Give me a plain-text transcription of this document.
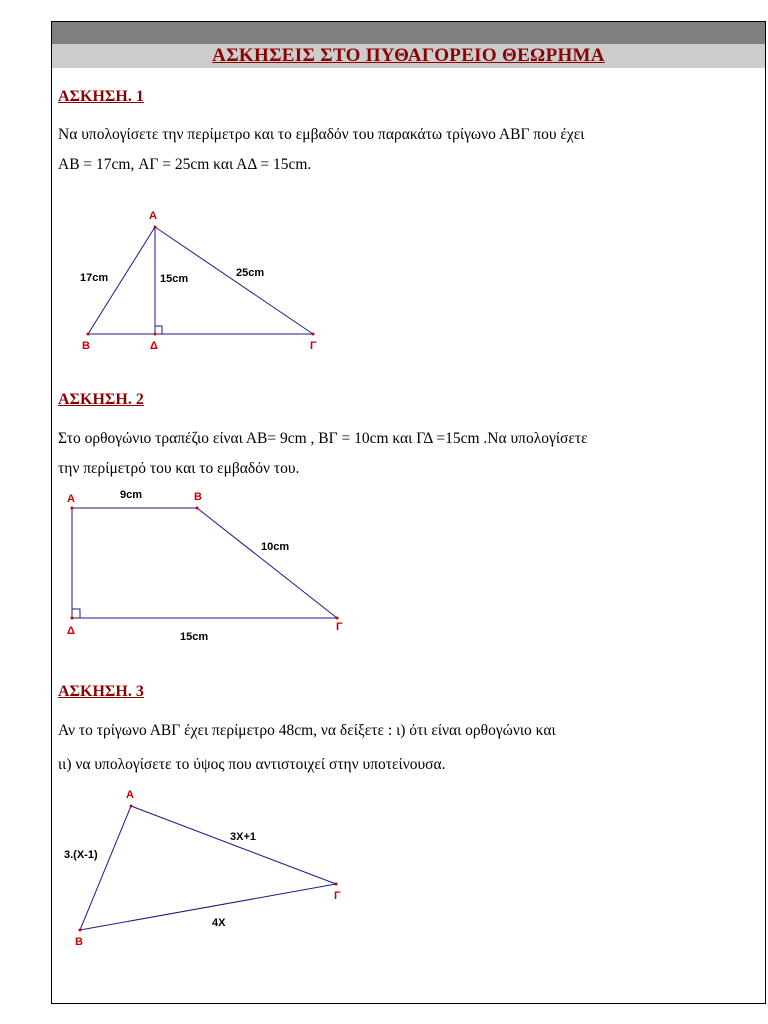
ΑΣΚΗΣΕΙΣ ΣΤΟ ΠΥΘΑΓΟΡΕΙΟ ΘΕΩΡΗΜΑ
ΑΣΚΗΣΗ. 1
Να υπολογίσετε την περίμετρο και το εμβαδόν του παρακάτω τρίγωνο ΑΒΓ που έχει
ΑΒ = 17cm, ΑΓ = 25cm και ΑΔ = 15cm.
Α
Β	Δ	Γ
17cm	15cm	25cm
ΑΣΚΗΣΗ. 2
Στο ορθογώνιο τραπέζιο είναι ΑΒ= 9cm , ΒΓ = 10cm και ΓΔ =15cm .Να υπολογίσετε
την περίμετρό του και το εμβαδόν του.
Α	Β
Δ	Γ
9cm
10cm
15cm
ΑΣΚΗΣΗ. 3
Αν το τρίγωνο ΑΒΓ έχει περίμετρο 48cm, να δείξετε : ι) ότι είναι ορθογώνιο και
ιι) να υπολογίσετε το ύψος που αντιστοιχεί στην υποτείνουσα.
Α
Β
Γ
3.(Χ-1)
3Χ+1
4Χ
